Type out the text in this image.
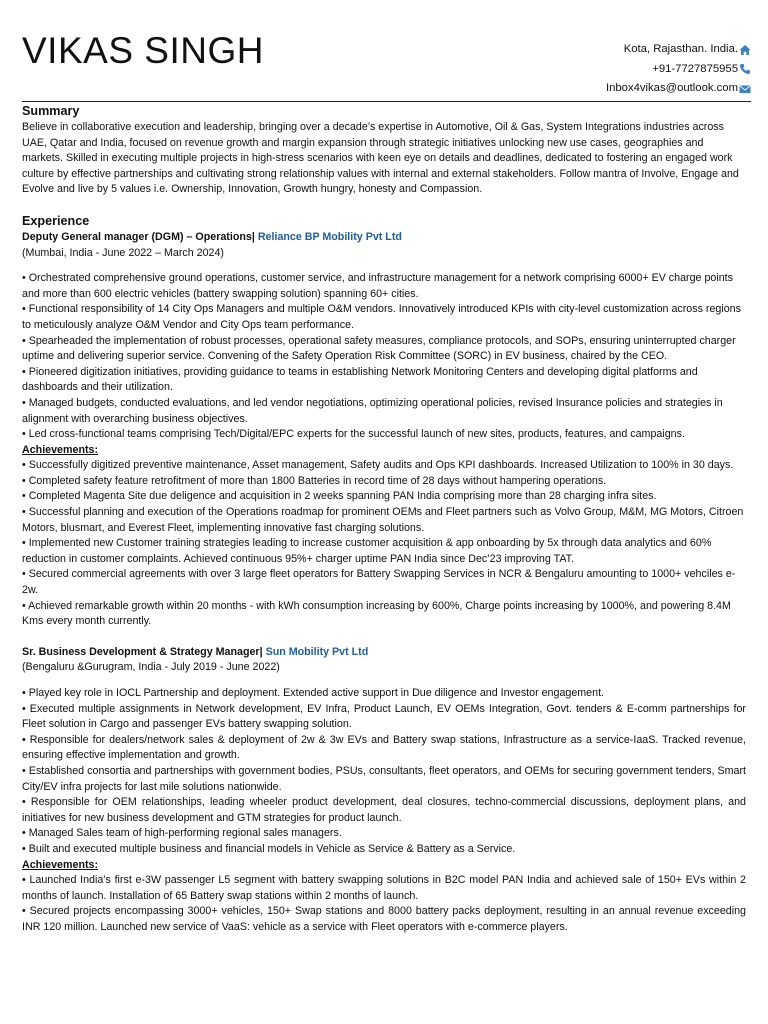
VIKAS SINGH	Kota, Rajasthan. India.
+91-7727875955
Inbox4vikas@outlook.com
Summary

Believe in collaborative execution and leadership, bringing over a decade’s expertise in Automotive, Oil & Gas, System Integrations industries across UAE, Qatar and India, focused on revenue growth and margin expansion through strategic initiatives unlocking new use cases, geographies and markets. Skilled in executing multiple projects in high-stress scenarios with keen eye on details and deadlines, dedicated to fostering an engaged work culture by effective partnerships and cultivating strong relationship values with internal and external stakeholders. Follow mantra of Involve, Engage and Evolve and live by 5 values i.e. Ownership, Innovation, Growth hungry, honesty and Compassion.

Experience

Deputy General manager (DGM) – Operations| Reliance BP Mobility Pvt Ltd

(Mumbai, India - June 2022 – March 2024)

• Orchestrated comprehensive ground operations, customer service, and infrastructure management for a network comprising 6000+ EV charge points and more than 600 electric vehicles (battery swapping solution) spanning 60+ cities.

• Functional responsibility of 14 City Ops Managers and multiple O&M vendors. Innovatively introduced KPIs with city-level customization across regions to meticulously analyze O&M Vendor and City Ops team performance.

• Spearheaded the implementation of robust processes, operational safety measures, compliance protocols, and SOPs, ensuring uninterrupted charger uptime and delivering superior service. Convening of the Safety Operation Risk Committee (SORC) in EV business, chaired by the CEO.

• Pioneered digitization initiatives, providing guidance to teams in establishing Network Monitoring Centers and developing digital platforms and dashboards and their utilization.

• Managed budgets, conducted evaluations, and led vendor negotiations, optimizing operational policies, revised Insurance policies and strategies in alignment with overarching business objectives.

• Led cross-functional teams comprising Tech/Digital/EPC experts for the successful launch of new sites, products, features, and campaigns.

Achievements:

• Successfully digitized preventive maintenance, Asset management, Safety audits and Ops KPI dashboards. Increased Utilization to 100% in 30 days.

• Completed safety feature retrofitment of more than 1800 Batteries in record time of 28 days without hampering operations.

• Completed Magenta Site due deligence and acquisition in 2 weeks spanning PAN India comprising more than 28 charging infra sites.

• Successful planning and execution of the Operations roadmap for prominent OEMs and Fleet partners such as Volvo Group, M&M, MG Motors, Citroen Motors, blusmart, and Everest Fleet, implementing innovative fast charging solutions.

• Implemented new Customer training strategies leading to increase customer acquisition & app onboarding by 5x through data analytics and 60% reduction in customer complaints. Achieved continuous 95%+ charger uptime PAN India since Dec’23 improving TAT.

• Secured commercial agreements with over 3 large fleet operators for Battery Swapping Services in NCR & Bengaluru amounting to 1000+ vehciles e-2w.

• Achieved remarkable growth within 20 months - with kWh consumption increasing by 600%, Charge points increasing by 1000%, and powering 8.4M Kms every month currently.

Sr. Business Development & Strategy Manager| Sun Mobility Pvt Ltd

(Bengaluru &Gurugram, India - July 2019 - June 2022)

• Played key role in IOCL Partnership and deployment. Extended active support in Due diligence and Investor engagement.

• Executed multiple assignments in Network development, EV Infra, Product Launch, EV OEMs Integration, Govt. tenders & E-comm partnerships for Fleet solution in Cargo and passenger EVs battery swapping solution.

• Responsible for dealers/network sales & deployment of 2w & 3w EVs and Battery swap stations, Infrastructure as a service-IaaS. Tracked revenue, ensuring effective implementation and growth.

• Established consortia and partnerships with government bodies, PSUs, consultants, fleet operators, and OEMs for securing government tenders, Smart City/EV infra projects for last mile solutions nationwide.

• Responsible for OEM relationships, leading wheeler product development, deal closures, techno-commercial discussions, deployment plans, and initiatives for new business development and GTM strategies for product launch.

• Managed Sales team of high-performing regional sales managers.

• Built and executed multiple business and financial models in Vehicle as Service & Battery as a Service.

Achievements:

• Launched India’s first e-3W passenger L5 segment with battery swapping solutions in B2C model PAN India and achieved sale of 150+ EVs within 2 months of launch. Installation of 65 Battery swap stations within 2 months of launch.

• Secured projects encompassing 3000+ vehicles, 150+ Swap stations and 8000 battery packs deployment, resulting in an annual revenue exceeding INR 120 million. Launched new service of VaaS: vehicle as a service with Fleet operators with e-commerce players.
